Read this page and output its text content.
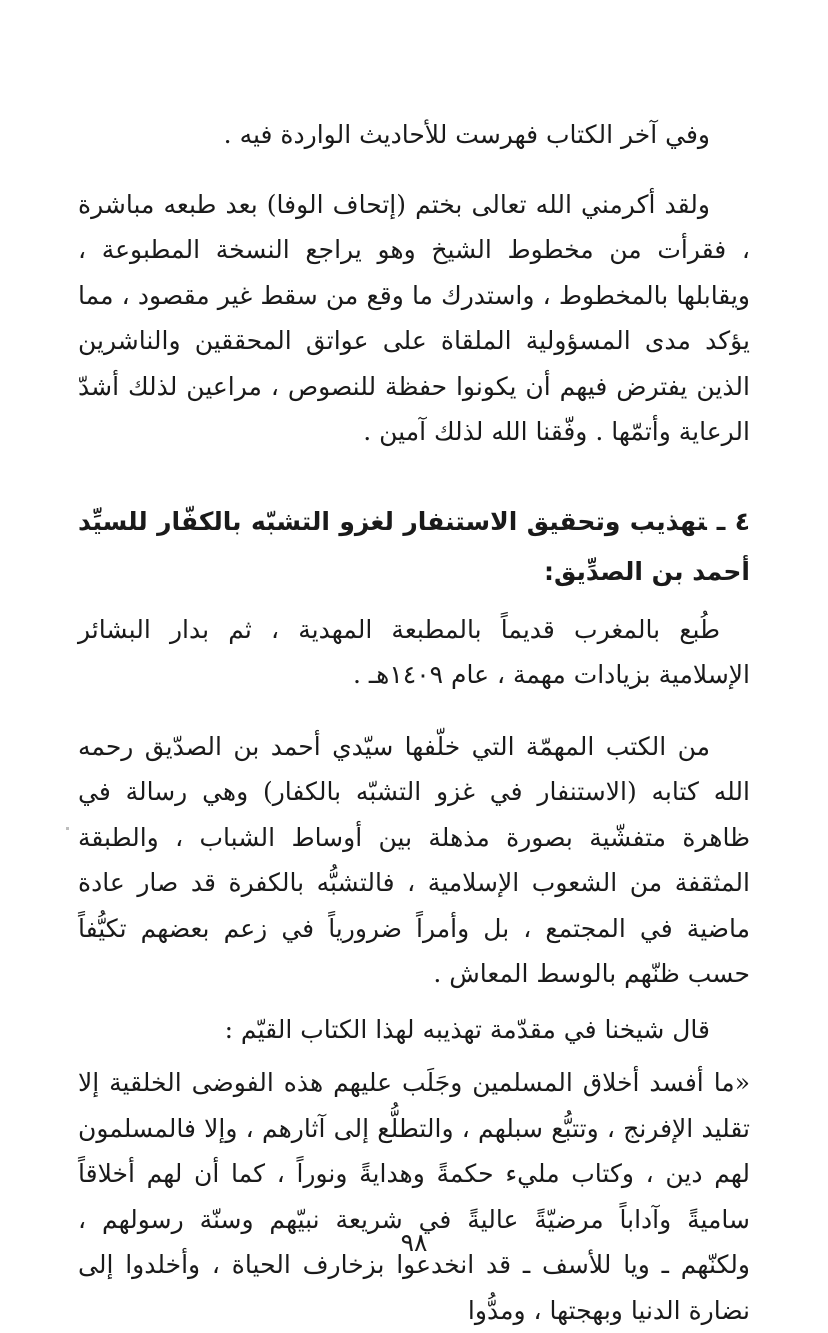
وفي آخر الكتاب فهرست للأحاديث الواردة فيه .

ولقد أكرمني الله تعالى بختم (إتحاف الوفا) بعد طبعه مباشرة ، فقرأت من مخطوط الشيخ وهو يراجع النسخة المطبوعة ، ويقابلها بالمخطوط ، واستدرك ما وقع من سقط غير مقصود ، مما يؤكد مدى المسؤولية الملقاة على عواتق المحققين والناشرين الذين يفترض فيهم أن يكونوا حفظة للنصوص ، مراعين لذلك أشدّ الرعاية وأتمّها . وفّقنا الله لذلك آمين .

٤ ـتهذيب وتحقيق الاستنفار لغزو التشبّه بالكفّار للسيِّد أحمد بن الصدِّيق:

طُبع بالمغرب قديماً بالمطبعة المهدية ، ثم بدار البشائر الإسلامية بزيادات مهمة ، عام ١٤٠٩هـ .

من الكتب المهمّة التي خلّفها سيّدي أحمد بن الصدّيق رحمه الله كتابه (الاستنفار في غزو التشبّه بالكفار) وهي رسالة في ظاهرة متفشّية بصورة مذهلة بين أوساط الشباب ، والطبقة المثقفة من الشعوب الإسلامية ، فالتشبُّه بالكفرة قد صار عادة ماضية في المجتمع ، بل وأمراً ضرورياً في زعم بعضهم تكيُّفاً حسب ظنّهم بالوسط المعاش .

قال شيخنا في مقدّمة تهذيبه لهذا الكتاب القيّم :

«ما أفسد أخلاق المسلمين وجَلَب عليهم هذه الفوضى الخلقية إلا تقليد الإفرنج ، وتتبُّع سبلهم ، والتطلُّع إلى آثارهم ، وإلا فالمسلمون لهم دين ، وكتاب مليء حكمةً وهدايةً ونوراً ، كما أن لهم أخلاقاً ساميةً وآداباً مرضيّةً عاليةً في شريعة نبيّهم وسنّة رسولهم ، ولكنّهم ـ ويا للأسف ـ قد انخدعوا بزخارف الحياة ، وأخلدوا إلى نضارة الدنيا وبهجتها ، ومدُّوا

٩٨
